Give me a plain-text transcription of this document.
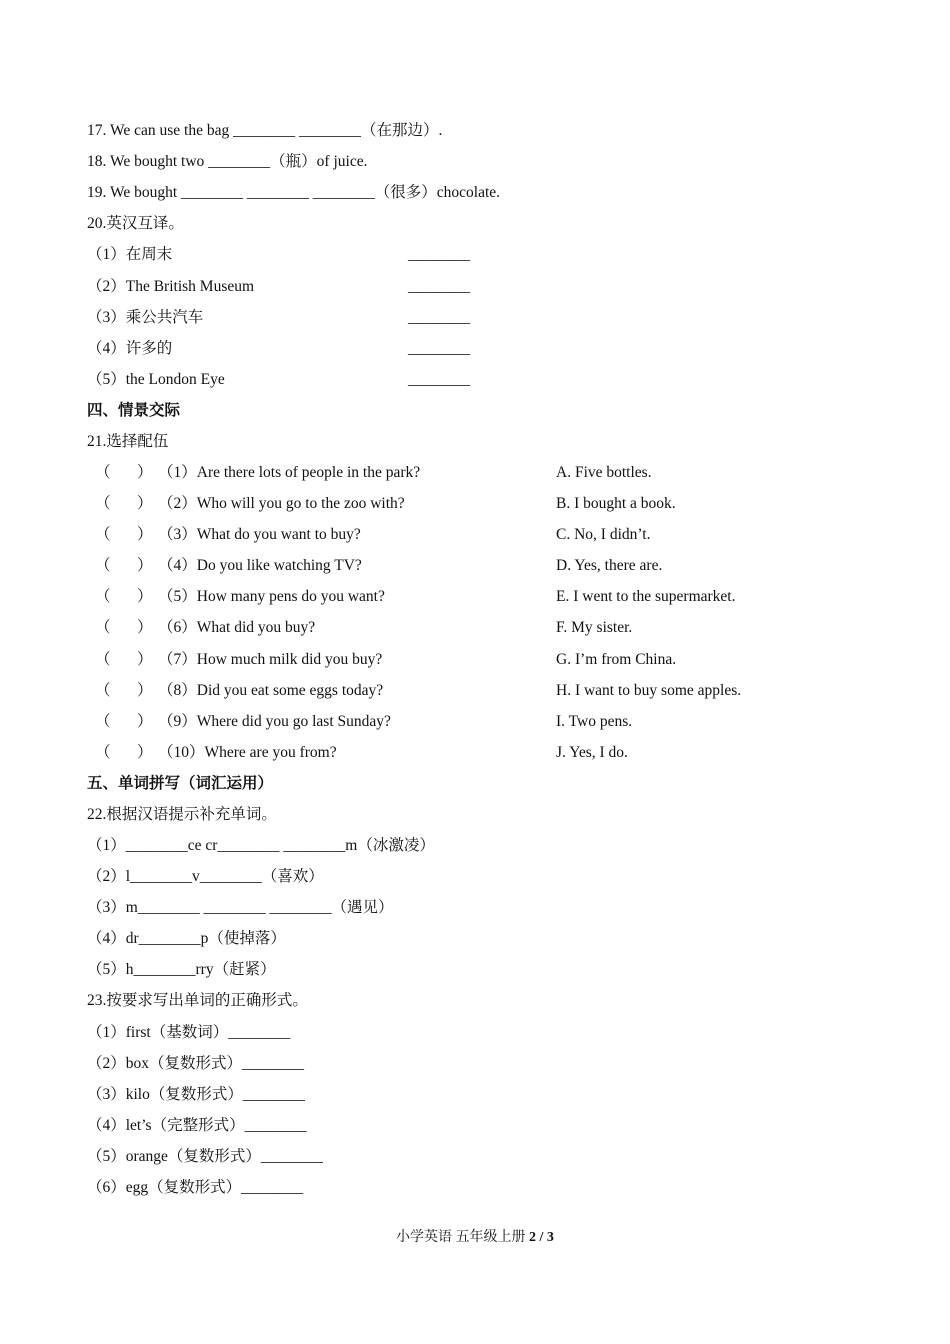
17. We can use the bag ________ ________（在那边）.
18. We bought two ________（瓶）of juice.
19. We bought ________ ________ ________（很多）chocolate.
20.英汉互译。
（1）在周末	________
（2）The British Museum	________
（3）乘公共汽车	________
（4）许多的	________
（5）the London Eye	________
四、情景交际
21.选择配伍
（ ） （1）Are there lots of people in the park?	A. Five bottles.
（ ） （2）Who will you go to the zoo with?	B. I bought a book.
（ ） （3）What do you want to buy?	C. No, I didn’t.
（ ） （4）Do you like watching TV?	D. Yes, there are.
（ ） （5）How many pens do you want?	E. I went to the supermarket.
（ ） （6）What did you buy?	F. My sister.
（ ） （7）How much milk did you buy?	G. I’m from China.
（ ） （8）Did you eat some eggs today?	H. I want to buy some apples.
（ ） （9）Where did you go last Sunday?	I. Two pens.
（ ） （10）Where are you from?	J. Yes, I do.
五、单词拼写（词汇运用）
22.根据汉语提示补充单词。
（1）________ce cr________ ________m（冰激凌）
（2）l________v________（喜欢）
（3）m________ ________ ________（遇见）
（4）dr________p（使掉落）
（5）h________rry（赶紧）
23.按要求写出单词的正确形式。
（1）first（基数词）________
（2）box（复数形式）________
（3）kilo（复数形式）________
（4）let’s（完整形式）________
（5）orange（复数形式）________
（6）egg（复数形式）________
小学英语 五年级上册 2 / 3
